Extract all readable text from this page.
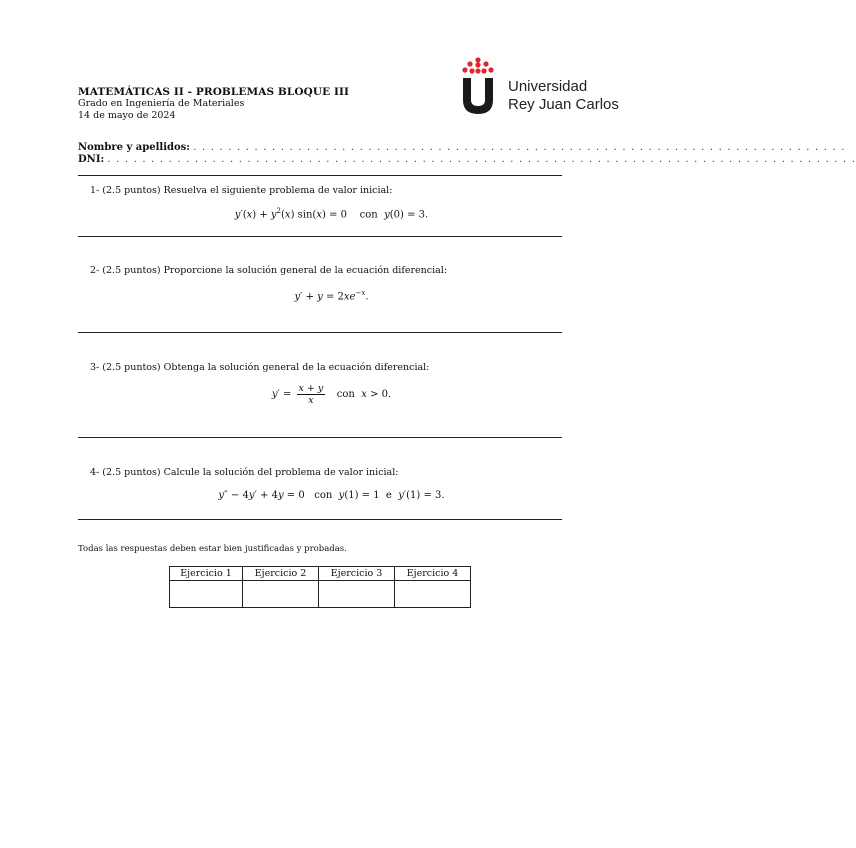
MATEMÁTICAS II - PROBLEMAS BLOQUE III
Grado en Ingeniería de Materiales
14 de mayo de 2024
Universidad
Rey Juan Carlos
Nombre y apellidos: . . . . . . . . . . . . . . . . . . . . . . . . . . . . . . . . . . . . . . . . . . . . . . . . . . . . . . . . . . . . . . . . . . . . . . . . . . .
DNI: . . . . . . . . . . . . . . . . . . . . . . . . . . . . . . . . . . . . . . . . . . . . . . . . . . . . . . . . . . . . . . . . . . . . . . . . . . . . . . . . . . . . . .
1- (2.5 puntos) Resuelva el siguiente problema de valor inicial:
$y'(x) + y^2(x) \sin(x) = 0$    con  y(0) = 3.
2- (2.5 puntos) Proporcione la solución general de la ecuación diferencial:
$y' + y = 2xe^{-x}$.
3- (2.5 puntos) Obtenga la solución general de la ecuación diferencial:
$y' = \frac{x + y}{x}$ con  x > 0.
4- (2.5 puntos) Calcule la solución del problema de valor inicial:
y″ − 4y′ + 4y = 0   con  y(1) = 1  e  y′(1) = 3.
Todas las respuestas deben estar bien justificadas y probadas.
Ejercicio 1	Ejercicio 2	Ejercicio 3	Ejercicio 4
